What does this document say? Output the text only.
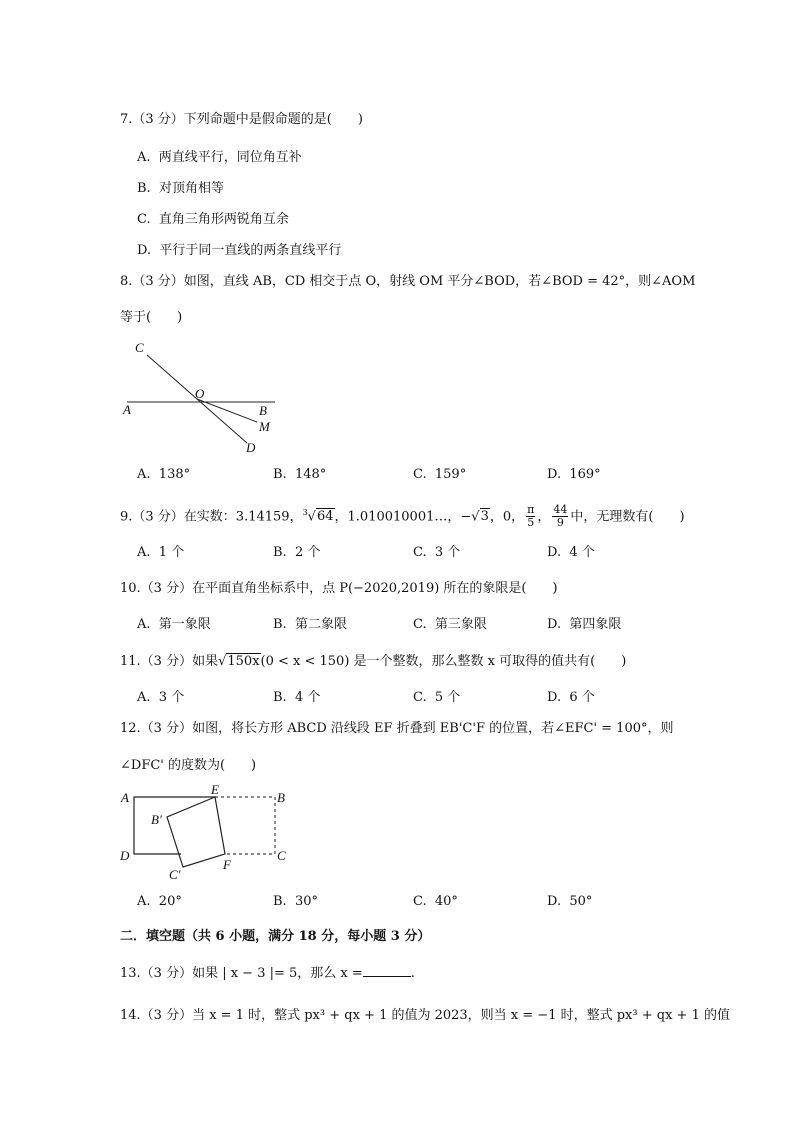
7.（3 分）下列命题中是假命题的是(　　)
A. 两直线平行，同位角互补
B. 对顶角相等
C. 直角三角形两锐角互余
D. 平行于同一直线的两条直线平行
8.（3 分）如图，直线 AB，CD 相交于点 O，射线 OM 平分∠BOD，若∠BOD = 42°，则∠AOM
等于(　　)
C
O
A	B
M
D
A. 138°	B. 148°	C. 159°	D. 169°
9.（3 分）在实数：3.14159，$^3$√64，1.010010001…，−√3，0， $\frac{\pi}{5}$ ， $\frac{44}{9}$ 中，无理数有(　　)
A. 1 个	B. 2 个	C. 3 个	D. 4 个
10.（3 分）在平面直角坐标系中，点 P(−2020,2019) 所在的象限是(　　)
A. 第一象限	B. 第二象限	C. 第三象限	D. 第四象限
11.（3 分）如果√150x(0 < x < 150) 是一个整数，那么整数 x 可取得的值共有(　　)
A. 3 个	B. 4 个	C. 5 个	D. 6 个
12.（3 分）如图，将长方形 ABCD 沿线段 EF 折叠到 EB'C'F 的位置，若∠EFC' = 100°，则
∠DFC' 的度数为(　　)
A
E
B
B'
D	C
C'
F
A. 20°	B. 30°	C. 40°	D. 50°
二．填空题（共 6 小题，满分 18 分，每小题 3 分）
13.（3 分）如果 | x − 3 |= 5，那么 x =	.
14.（3 分）当 x = 1 时，整式 px³ + qx + 1 的值为 2023，则当 x = −1 时，整式 px³ + qx + 1 的值
